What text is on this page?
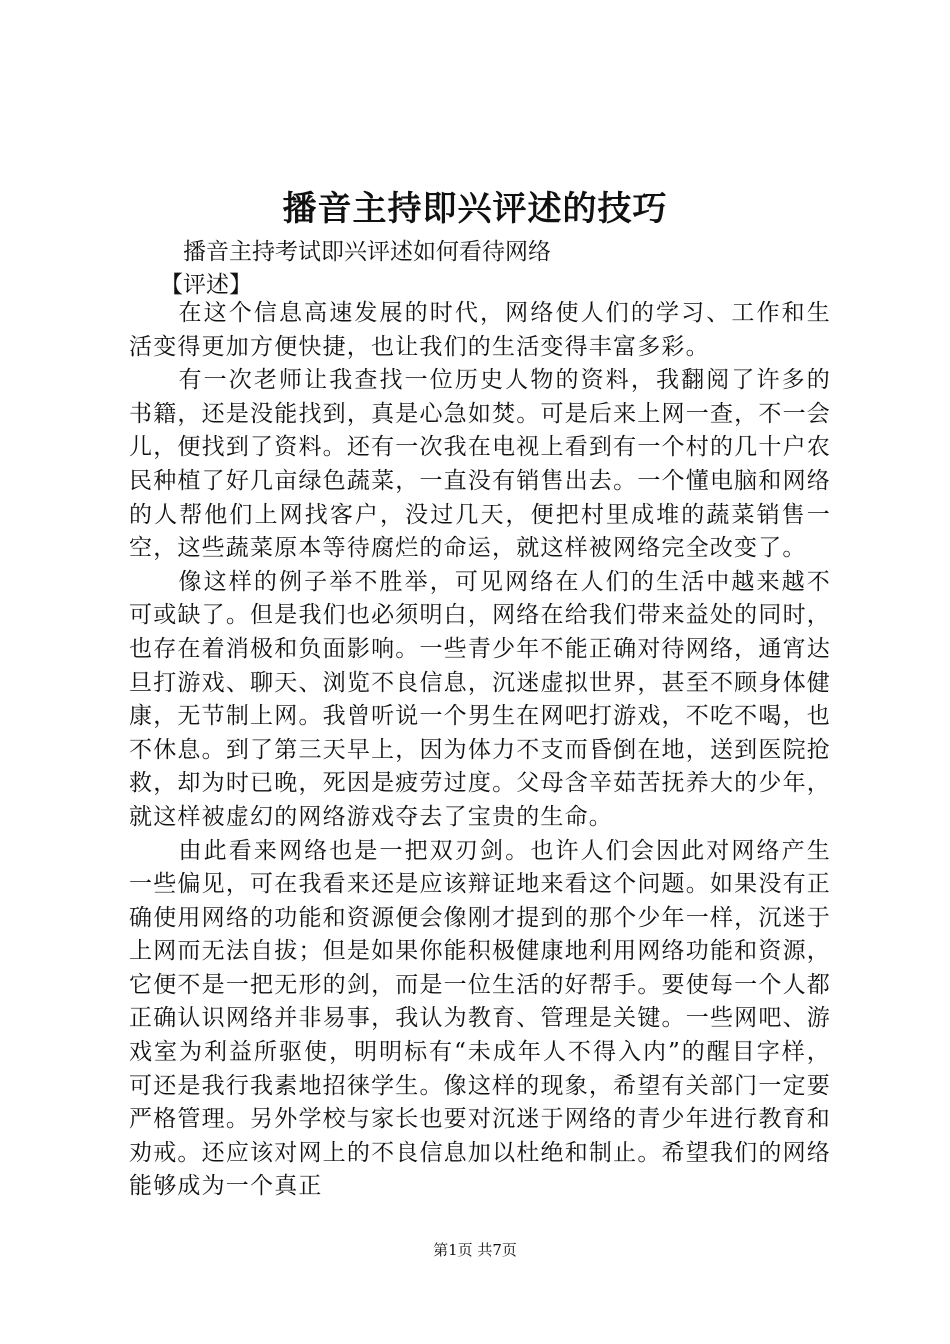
播音主持即兴评述的技巧
播音主持考试即兴评述如何看待网络
【评述】

在这个信息高速发展的时代，网络使人们的学习、工作和生活变得更加方便快捷，也让我们的生活变得丰富多彩。

有一次老师让我查找一位历史人物的资料，我翻阅了许多的书籍，还是没能找到，真是心急如焚。可是后来上网一查，不一会儿，便找到了资料。还有一次我在电视上看到有一个村的几十户农民种植了好几亩绿色蔬菜，一直没有销售出去。一个懂电脑和网络的人帮他们上网找客户，没过几天，便把村里成堆的蔬菜销售一空，这些蔬菜原本等待腐烂的命运，就这样被网络完全改变了。

像这样的例子举不胜举，可见网络在人们的生活中越来越不可或缺了。但是我们也必须明白，网络在给我们带来益处的同时，也存在着消极和负面影响。一些青少年不能正确对待网络，通宵达旦打游戏、聊天、浏览不良信息，沉迷虚拟世界，甚至不顾身体健康，无节制上网。我曾听说一个男生在网吧打游戏，不吃不喝，也不休息。到了第三天早上，因为体力不支而昏倒在地，送到医院抢救，却为时已晚，死因是疲劳过度。父母含辛茹苦抚养大的少年，就这样被虚幻的网络游戏夺去了宝贵的生命。

由此看来网络也是一把双刃剑。也许人们会因此对网络产生一些偏见，可在我看来还是应该辩证地来看这个问题。如果没有正确使用网络的功能和资源便会像刚才提到的那个少年一样，沉迷于上网而无法自拔；但是如果你能积极健康地利用网络功能和资源，它便不是一把无形的剑，而是一位生活的好帮手。要使每一个人都正确认识网络并非易事，我认为教育、管理是关键。一些网吧、游戏室为利益所驱使，明明标有“未成年人不得入内”的醒目字样，可还是我行我素地招徕学生。像这样的现象，希望有关部门一定要严格管理。另外学校与家长也要对沉迷于网络的青少年进行教育和劝戒。还应该对网上的不良信息加以杜绝和制止。希望我们的网络能够成为一个真正

第1页 共7页
